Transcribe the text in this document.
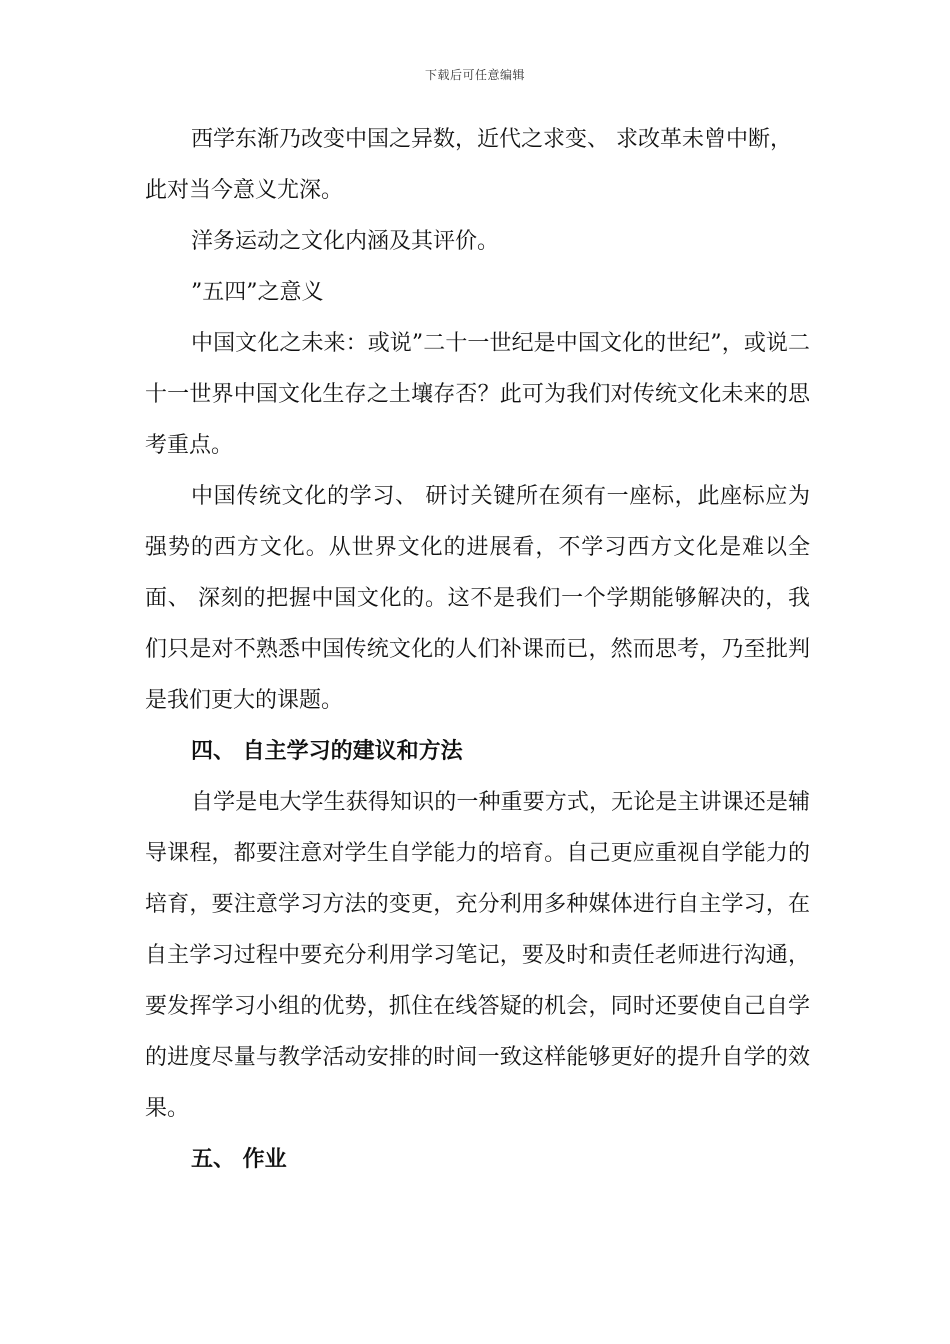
下载后可任意编辑

西学东渐乃改变中国之异数，近代之求变、 求改革未曾中断，

此对当今意义尤深。

洋务运动之文化内涵及其评价。

”五四”之意义

中国文化之未来：或说”二十一世纪是中国文化的世纪”，或说二十一世界中国文化生存之土壤存否？此可为我们对传统文化未来的思考重点。

中国传统文化的学习、 研讨关键所在须有一座标，此座标应为强势的西方文化。从世界文化的进展看，不学习西方文化是难以全面、 深刻的把握中国文化的。这不是我们一个学期能够解决的，我们只是对不熟悉中国传统文化的人们补课而已，然而思考，乃至批判是我们更大的课题。

四、 自主学习的建议和方法

自学是电大学生获得知识的一种重要方式，无论是主讲课还是辅导课程，都要注意对学生自学能力的培育。自己更应重视自学能力的培育，要注意学习方法的变更，充分利用多种媒体进行自主学习，在自主学习过程中要充分利用学习笔记，要及时和责任老师进行沟通，要发挥学习小组的优势，抓住在线答疑的机会，同时还要使自己自学的进度尽量与教学活动安排的时间一致这样能够更好的提升自学的效果。

五、 作业
